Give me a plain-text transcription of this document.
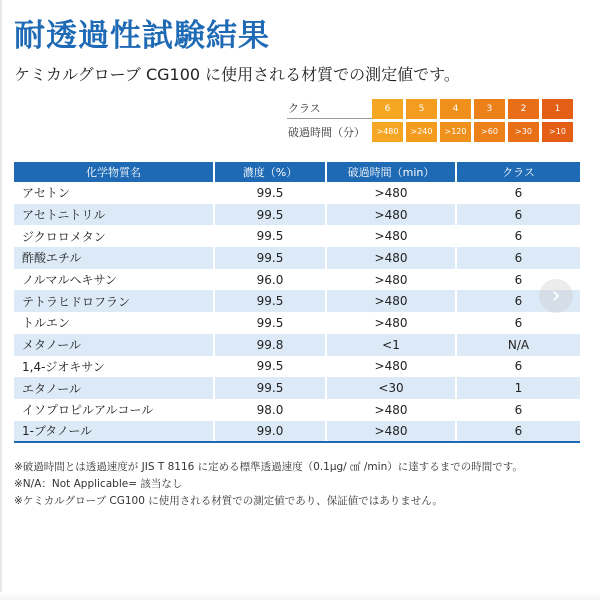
耐透過性試験結果

ケミカルグローブ CG100 に使用される材質での測定値です。

クラス	6	5	4	3	2	1
破過時間（分）	>480	>240	>120	>60	>30	>10
化学物質名	濃度（%）	破過時間（min）	クラス
アセトン	99.5	>480	6
アセトニトリル	99.5	>480	6
ジクロロメタン	99.5	>480	6
酢酸エチル	99.5	>480	6
ノルマルヘキサン	96.0	>480	6
テトラヒドロフラン	99.5	>480	6
トルエン	99.5	>480	6
メタノール	99.8	<1	N/A
1,4-ジオキサン	99.5	>480	6
エタノール	99.5	<30	1
イソプロピルアルコール	98.0	>480	6
1-ブタノール	99.0	>480	6
※破過時間とは透過速度が JIS T 8116 に定める標準透過速度（0.1μg/ ㎠ /min）に達するまでの時間です。
※N/A：Not Applicable= 該当なし
※ケミカルグローブ CG100 に使用される材質での測定値であり、保証値ではありません。
›
